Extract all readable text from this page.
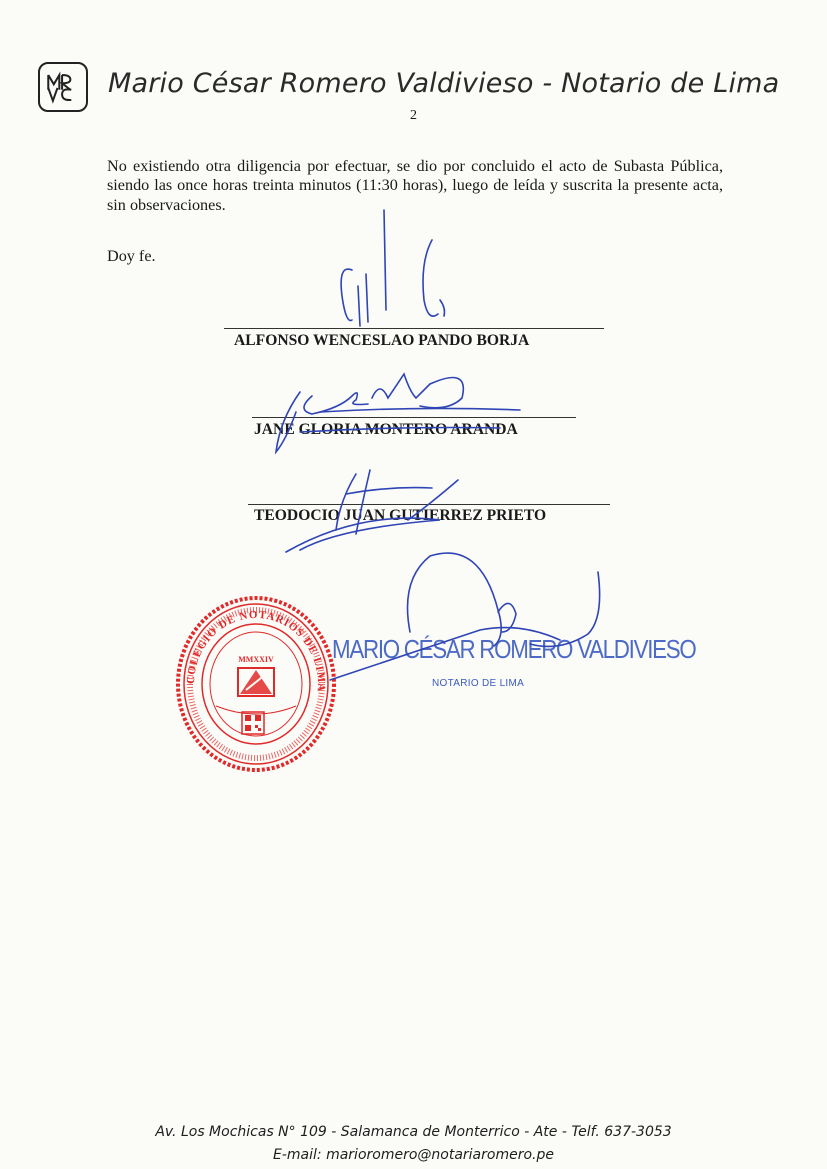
Mario César Romero Valdivieso - Notario de Lima
2
No existiendo otra diligencia por efectuar, se dio por concluido el acto de Subasta Pública, siendo las once horas treinta minutos (11:30 horas), luego de leída y suscrita la presente acta, sin observaciones.
Doy fe.
ALFONSO WENCESLAO PANDO BORJA
JANE GLORIA MONTERO ARANDA
TEODOCIO JUAN GUTIERREZ PRIETO
COLEGIO DE NOTARIOS DE LIMA
MMXXIV MARIO CÉSAR ROMERO VALDIVIESO
NOTARIO DE LIMA
Av. Los Mochicas N° 109 - Salamanca de Monterrico - Ate - Telf. 637-3053
E-mail: marioromero@notariaromero.pe
